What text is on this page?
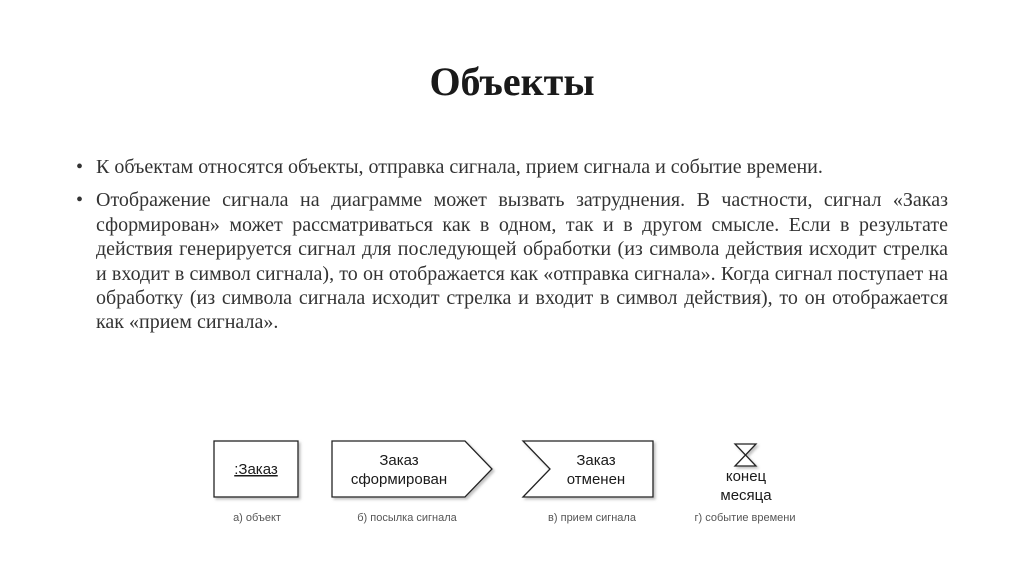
Объекты
• К объектам относятся объекты, отправка сигнала, прием сигнала и событие времени.
• Отображение сигнала на диаграмме может вызвать затруднения. В частности, сигнал «Заказ сформирован» может рассматриваться как в одном, так и в другом смысле. Если в результате действия генерируется сигнал для последующей обработки (из символа действия исходит стрелка и входит в символ сигнала), то он отображается как «отправка сигнала». Когда сигнал поступает на обработку (из символа сигнала исходит стрелка и входит в символ действия), то он отображается как «прием сигнала».
:Заказ
а) объект
Заказ
сформирован
б) посылка сигнала
Заказ
отменен
в) прием сигнала
конец
месяца
г) событие времени
